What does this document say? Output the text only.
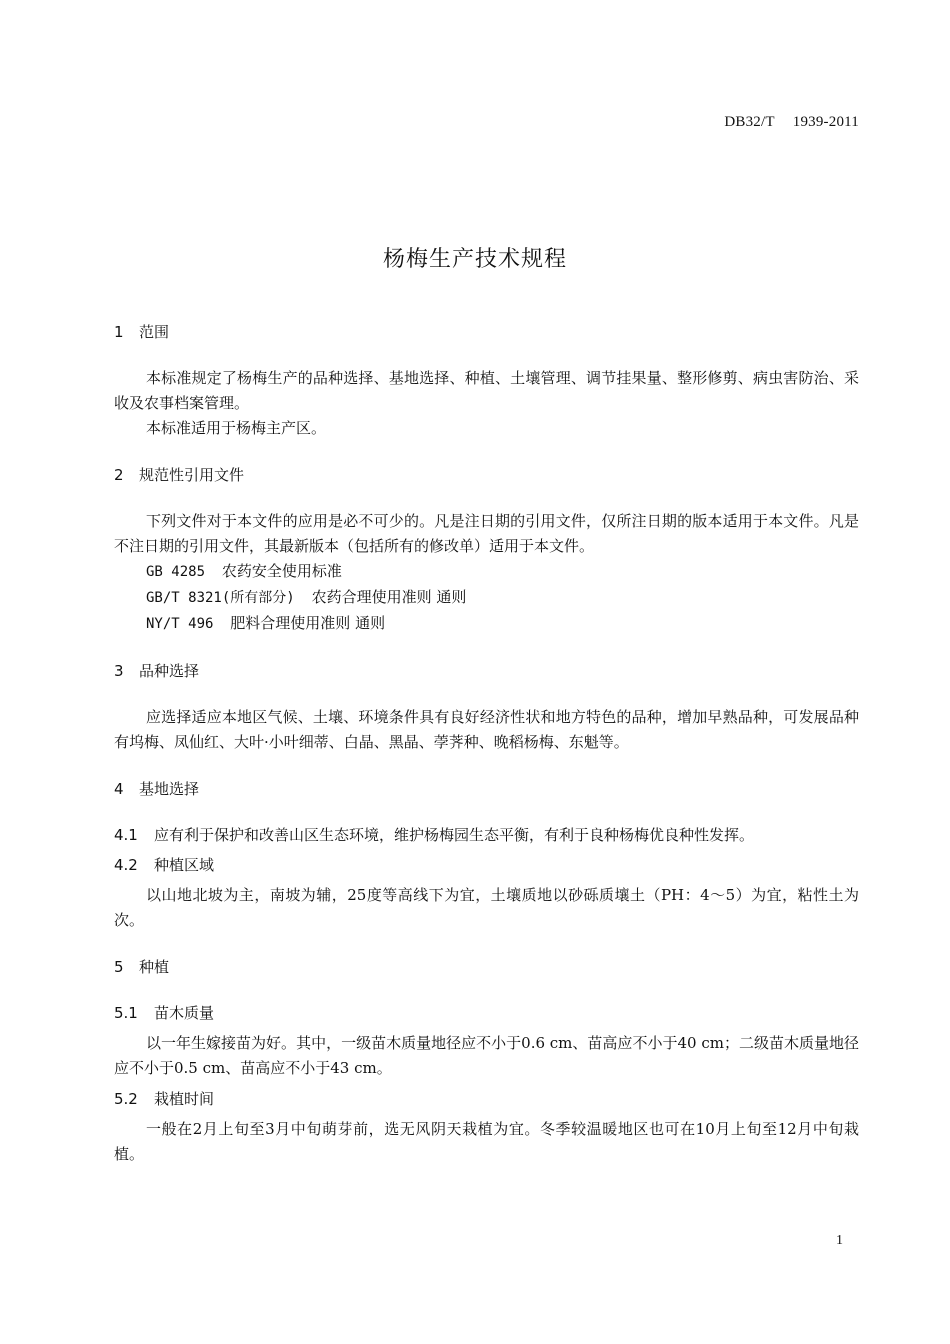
DB32/T 1939-2011
杨梅生产技术规程

1 范围

本标准规定了杨梅生产的品种选择、基地选择、种植、土壤管理、调节挂果量、整形修剪、病虫害防治、采收及农事档案管理。

本标准适用于杨梅主产区。

2 规范性引用文件

下列文件对于本文件的应用是必不可少的。凡是注日期的引用文件，仅所注日期的版本适用于本文件。凡是不注日期的引用文件，其最新版本（包括所有的修改单）适用于本文件。

GB 4285 农药安全使用标准

GB/T 8321(所有部分) 农药合理使用准则 通则

NY/T 496 肥料合理使用准则 通则

3 品种选择

应选择适应本地区气候、土壤、环境条件具有良好经济性状和地方特色的品种，增加早熟品种，可发展品种有坞梅、凤仙红、大叶·小叶细蒂、白晶、黑晶、荸荠种、晚稻杨梅、东魁等。

4 基地选择

4.1 应有利于保护和改善山区生态环境，维护杨梅园生态平衡，有利于良种杨梅优良种性发挥。

4.2 种植区域

以山地北坡为主，南坡为辅，25度等高线下为宜，土壤质地以砂砾质壤土（PH：4～5）为宜，粘性土为次。

5 种植

5.1 苗木质量

以一年生嫁接苗为好。其中，一级苗木质量地径应不小于0.6 cm、苗高应不小于40 cm；二级苗木质量地径应不小于0.5 cm、苗高应不小于43 cm。

5.2 栽植时间

一般在2月上旬至3月中旬萌芽前，选无风阴天栽植为宜。冬季较温暖地区也可在10月上旬至12月中旬栽植。

1
